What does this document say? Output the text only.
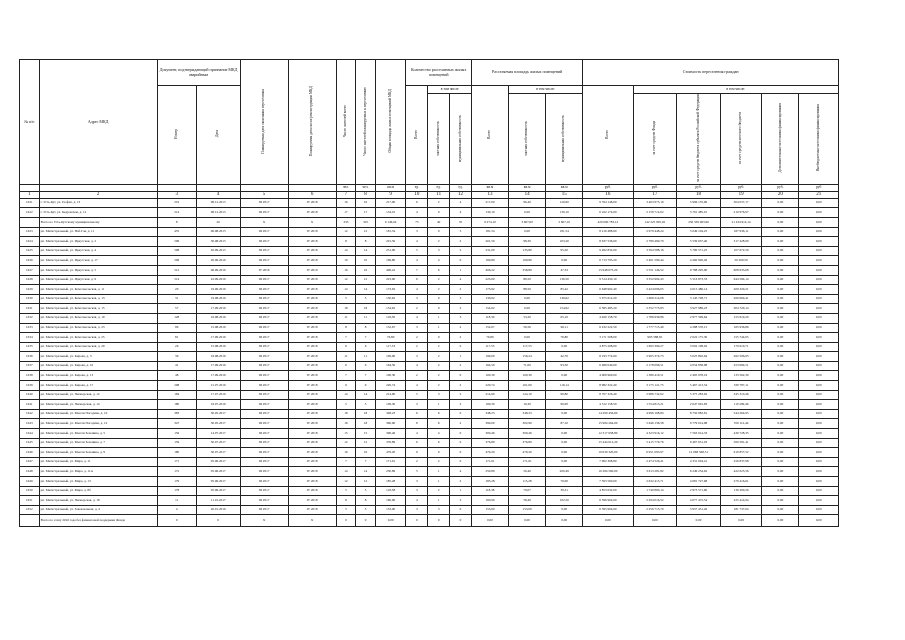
№ п/п	Адрес МКД	Документ, подтверждающий признание МКД аварийным		Планируемая дата окончания переселения	Планируемая дата сноса/реконструкции МКД	Число жителей всего	Число жителей планируемых к переселению	Общая площадь жилых помещений МКД	Количество расселяемых жилых помещений			Расселяемая площадь жилых помещений			Стоимость переселения граждан					
		Номер	Дата						Всего	в том числе		Всего	в том числе:		Всего	в том числе:				
										частная собственность	муниципальная собственность		частная собственность	муниципальная собственность		за счет средств Фонда	за счет средств бюджета субъекта Российской Федерации	за счет средств местного бюджета	Дополнительные источники финансирования	Внебюджетные источники финансирования
						чел.	чел.	кв.м	ед.	ед.	ед.	кв.м	кв.м	кв.м	руб.	руб.	руб.	руб.	руб.	руб
1	2	3	4	5	6	7	8	9	10	11	12	13	14	15	16	17	18	19	20	21
1621	г. Усть-Кут, ул. Геофиз, д. 13	219	08.12.2015	III 2017	IV 2018	16	16	217,00	6	2	4	217,00	96,40	120,60	9 764 148,00	3 463 975,19	5 996 135,96	304 037,17	0,00	0,00
1622	г. Усть-Кут, ул. Кедровская, д. 12	214	08.12.2015	III 2017	IV 2018	17	17	134,10	4	0	4	130,10	0,00	130,10	6 162 174,00	2 159 712,02	3 791 485,01	210 976,97	0,00	0,00
	Всего по Усть-Кутскому муниципальному	8	26	X	X	333	325	9 146,04	75	40	35	9 274,10	3 667,00	5 607,10	420 000 783,12	142 225 905,02	256 339 963,96	21 434 914,14	0,00	0,00
1623	рп. Магистральный, ул. Наб-Гая, д. 11	455	06.08.2015	III 2017	IV 2018	12	12	181,54	3	0	3	181,54	0,00	181,54	8 216 488,60	2 979 448,24	5 049 104,25	187 936,11	0,00	0,00
1624	рп. Магистральный, ул. Иркутская, д. 2	506	30.08.2015	III 2017	IV 2018	8	8	201,50	4	2	2	201,50	98,30	103,20	8 637 536,00	2 780 469,70	5 539 637,40	317 428,90	0,00	0,00
1625	рп. Магистральный, ул. Иркутская, д. 4	508	02.09.2015	III 2017	IV 2018	14	14	231,00	5	3	2	231,00	135,80	95,20	9 492 832,00	3 594 588,16	5 790 571,25	107 672,59	0,00	0,00
1626	рп. Магистральный, ул. Иркутская, д. 17	509	20.06.2016	III 2017	IV 2018	10	10	169,80	4	4	0	169,80	169,80	0,00	6 713 795,20	2 401 599,44	4 260 926,26	50 269,50	0,00	0,00
1627	рп. Магистральный, ул. Иркутская, д. 5	512	06.09.2016	IV 2016	IV 2019	16	16	406,22	7	6	1	406,22	358,89	47,33	15 948 075,20	5 551 146,52	9 788 295,00	608 633,68	0,00	0,00
1628	рп. Магистральный, ул. Иркутская, д. 9	514	22.09.2016	III 2017	IV 2018	12	12	223,00	6	2	4	223,00	86,50	136,50	9 514 450,10	3 352 992,43	5 516 873,53	644 584,14	0,00	0,00
1629	рп. Магистральный, ул. Комсомольская, д. 11	20	19.06.2016	III 2017	IV 2018	14	14	173,92	4	2	2	173,92	88,50	85,42	6 648 902,40	2 424 096,05	4 015 486,14	209 320,21	0,00	0,00
1630	рп. Магистральный, ул. Комсомольская, д. 13	31	19.08.2016	III 2017	IV 2018	5	5	130,62	3	0	3	130,62	0,00	130,62	5 075 612,20	1 669 214,08	3 145 728,71	260 669,41	0,00	0,00
1631	рп. Магистральный, ул. Комсомольская, д. 15	57	17.09.2016	III 2017	IV 2018	18	18	154,62	2	0	2	154,62	0,00	154,62	6 585 485,20	2 352 775,83	3 927 989,23	304 720,14	0,00	0,00
1632	рп. Магистральный, ул. Комсомольская, д. 19	128	16.08.2016	III 2017	IV 2018	11	11	118,30	4	1	3	118,30	53,20	65,10	4 920 158,70	1 786 939,86	2 977 599,64	155 619,20	0,00	0,00
1633	рп. Магистральный, ул. Комсомольская, д. 23	99	15.08.2016	III 2017	IV 2018	8	8	152,67	3	1	2	152,67	56,56	96,11	6 232 222,50	1 777 715,49	4 288 570,15	165 936,86	0,00	0,00
1634	рп. Магистральный, ул. Комсомольская, д. 25	81	17.09.2016	III 2017	IV 2018	7	7	76,80	2	0	2	76,80	0,00	76,80	3 171 508,00	993 588,65	2 022 175,30	155 744,05	0,00	0,00
1635	рп. Магистральный, ул. Комсомольская, д. 29	26	15.08.2016	III 2017	IV 2018	6	6	117,53	2	2	0	117,53	117,53	0,00	4 875 208,00	1 693 399,27	3 002 198,02	179 610,71	0,00	0,00
1636	рп. Магистральный, ул. Кирова, д. 3	36	19.08.2016	III 2017	IV 2018	11	11	199,00	3	2	1	199,00	156,24	42,76	8 193 774,00	2 905 374,73	5 025 892,64	262 506,63	0,00	0,00
1637	рп. Магистральный, ул. Кирова, д. 10	41	17.09.2016	III 2017	IV 2018	6	6	164,50	4	2	2	164,50	71,00	93,50	6 486 040,00	2 178 096,51	4 054 858,98	253 084,51	0,00	0,00
1638	рп. Магистральный, ул. Кирова, д. 13	48	17.09.2016	III 2017	IV 2018	7	7	100,30	2	2	0	100,30	100,30	0,00	4 009 960,00	1 380 419,51	2 495 978,19	133 562,30	0,00	0,00
1639	рп. Магистральный, ул. Кирова, д. 17	208	21.07.2016	III 2017	IV 2018	9	9	220,74	4	2	2	220,74	101,60	119,14	8 982 322,40	3 175 121,75	5 467 413,54	339 787,11	0,00	0,00
1640	рп. Магистральный, ул. Пионерская, д. 12	184	17.07.2016	III 2017	IV 2018	14	14	214,90	5	3	2	214,90	124,10	90,80	8 707 326,40	2 986 732,02	5 375 283,92	345 310,46	0,00	0,00
1641	рп. Магистральный, ул. Пионерская, д. 14	180	19.07.2016	III 2017	IV 2018	5	5	109,30	3	1	2	109,30	19,30	90,00	4 312 158,50	1 554 813,21	2 647 045,83	110 299,46	0,00	0,00
1642	рп. Магистральный, ул. Мысли Погодина, д. 10	383	30.05.2017	III 2017	IV 2018	18	18	348,23	6	6	0	348,23	348,23	0,00	14 290 456,60	4 996 108,84	8 750 082,81	544 264,95	0,00	0,00
1643	рп. Магистральный, ул. Мысли Погодина, д. 12	347	30.05.2017	III 2017	IV 2018	18	18	390,00	8	6	2	390,00	302,90	87,10	15 984 264,00	5 646 136,58	9 779 014,98	559 112,44	0,00	0,00
1644	рп. Магистральный, ул. Мысли Зеленина, д. 5	156	14.07.2017	III 2017	IV 2018	15	15	300,46	4	4	0	300,46	300,46	0,00	12 317 658,80	4 323 916,12	7 563 014,33	430 728,35	0,00	0,00
1645	рп. Магистральный, ул. Мысли Зеленина, д. 7	159	30.07.2017	III 2017	IV 2018	12	12	376,89	6	6	0	376,89	376,89	0,00	15 444 012,20	5 415 779,76	9 467 651,03	560 581,41	0,00	0,00
1646	рп. Магистральный, ул. Мысли Зеленина, д. 9	180	30.07.2017	III 2017	IV 2018	16	16	479,20	9	9	0	479,20	479,20	0,00	19 630 320,00	6 951 093,97	12 068 368,51	610 857,52	0,00	0,00
1647	рп. Магистральный, ул. Мира, д. 11	171	05.06.2017	III 2017	IV 2018	7	7	171,61	2	2	0	171,61	171,61	0,00	7 062 368,80	2 474 526,41	4 331 004,41	256 837,98	0,00	0,00
1648	рп. Магистральный, ул. Мира, д. 11А	172	05.06.2017	III 2017	IV 2018	14	14	250,89	5	1	4	250,89	50,40	200,49	10 284 560,00	3 613 281,82	6 249 254,62	422 023,56	0,00	0,00
1649	рп. Магистральный, ул. Мира, д. 13	179	05.06.2017	III 2017	IV 2018	12	12	185,28	3	1	2	185,28	115,28	70,00	7 593 560,00	2 632 415,71	4 681 727,68	279 416,61	0,00	0,00
1650	рп. Магистральный, ул. Мира, д. 8б	178	05.06.2017	III 2017	IV 2018	5	5	118,38	3	2	1	118,38	79,07	39,31	4 853 632,00	1 740 860,14	2 973 571,60	139 200,26	0,00	0,00
1651	рп. Магистральный, ул. Пионерская, д. 18	11	11.10.2017	III 2017	IV 2018	8	8	160,90	4	1	3	160,90	58,40	102,50	6 596 904,00	2 294 016,52	4 077 472,54	225 414,94	0,00	0,00
1652	рп. Магистральный, ул. Завокзальная, д. 4	4	20.01.2016	III 2017	IV 2018	5	5	153,00	3	3	0	153,00	153,00	0,00	6 395 904,00	2 256 715,70	3 957 451,26	181 737,04	0,00	0,00
	Всего по этапу 2016 года без финансовой поддержки Фонда	0	0	X	X	0	0	0,00	0	0	0	0,00	0,00	0,00	0,00	0,00	0,00	0,00	0,00	0,00
